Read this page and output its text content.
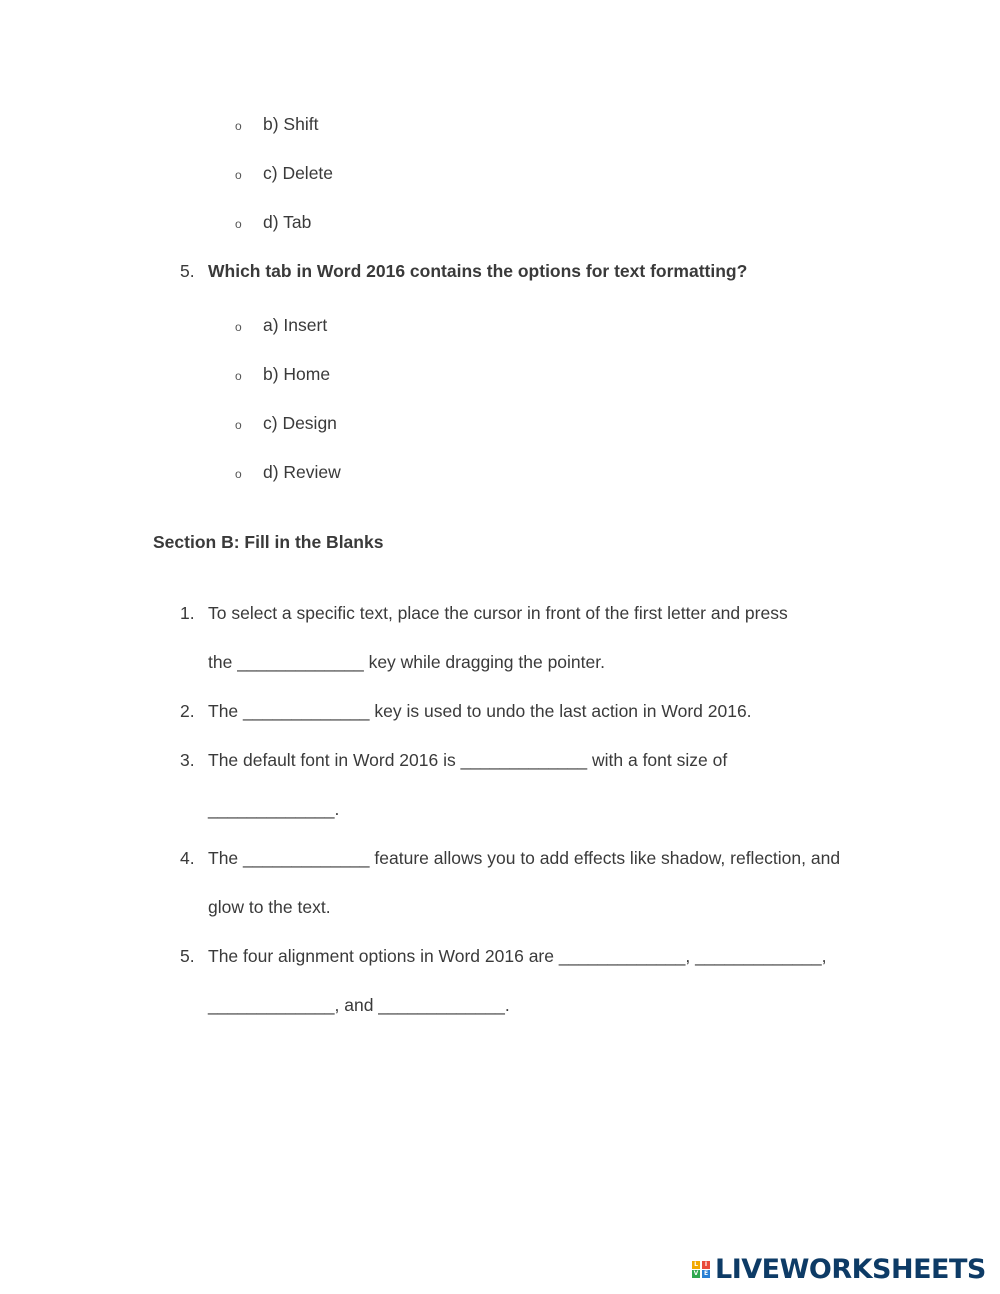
o b) Shift
o c) Delete
o d) Tab
5. Which tab in Word 2016 contains the options for text formatting?
o a) Insert
o b) Home
o c) Design
o d) Review
Section B: Fill in the Blanks
1. To select a specific text, place the cursor in front of the first letter and press
the _____________ key while dragging the pointer.
2. The _____________ key is used to undo the last action in Word 2016.
3. The default font in Word 2016 is _____________ with a font size of
_____________.
4. The _____________ feature allows you to add effects like shadow, reflection, and
glow to the text.
5. The four alignment options in Word 2016 are _____________, _____________,
_____________, and _____________.
L	I
V E LIVEWORKSHEETS
